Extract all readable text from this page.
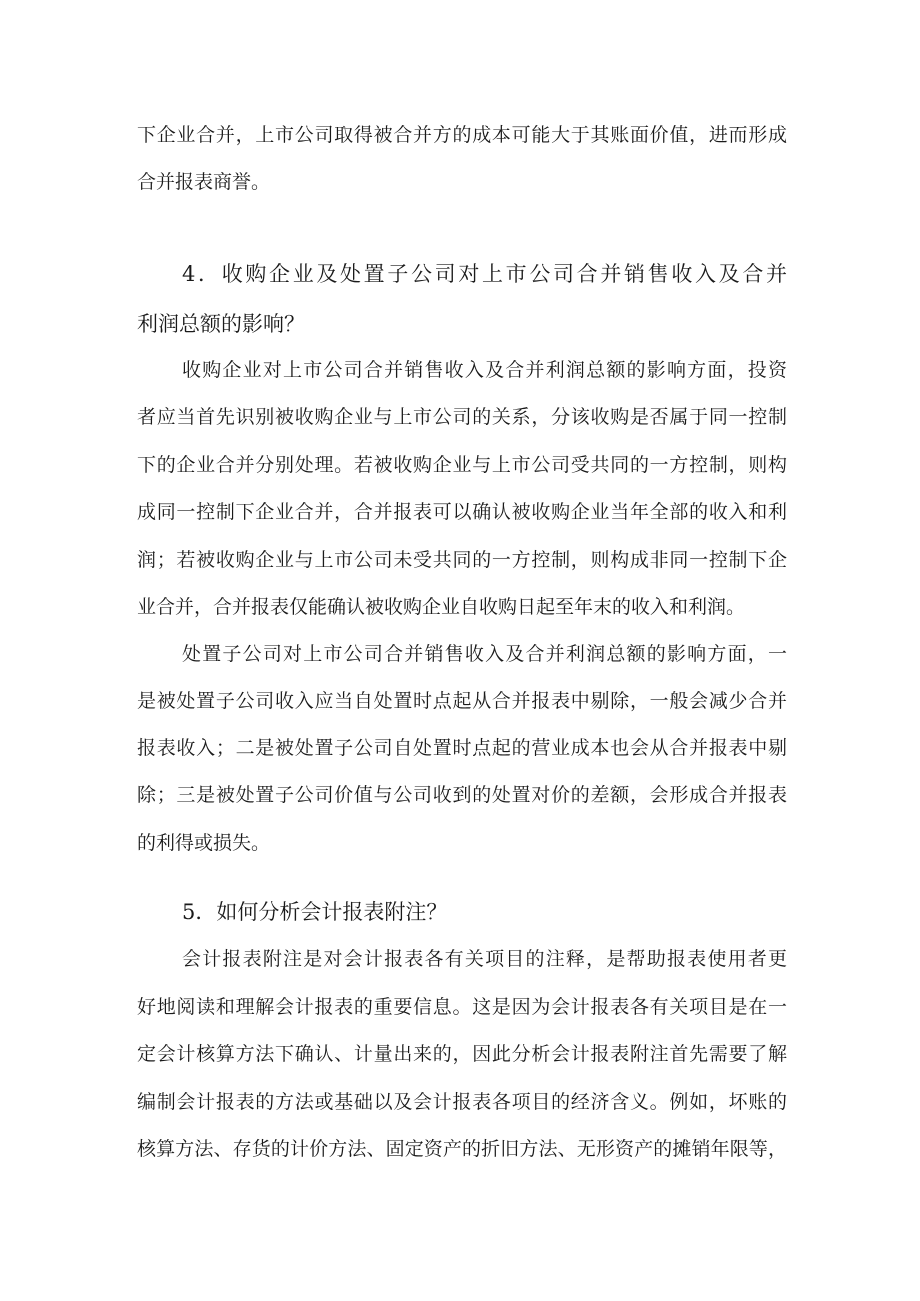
下企业合并，上市公司取得被合并方的成本可能大于其账面价值，进而形成
合并报表商誉。
4．收购企业及处置子公司对上市公司合并销售收入及合并
利润总额的影响？
收购企业对上市公司合并销售收入及合并利润总额的影响方面，投资
者应当首先识别被收购企业与上市公司的关系，分该收购是否属于同一控制
下的企业合并分别处理。若被收购企业与上市公司受共同的一方控制，则构
成同一控制下企业合并，合并报表可以确认被收购企业当年全部的收入和利
润；若被收购企业与上市公司未受共同的一方控制，则构成非同一控制下企
业合并，合并报表仅能确认被收购企业自收购日起至年末的收入和利润。
处置子公司对上市公司合并销售收入及合并利润总额的影响方面，一
是被处置子公司收入应当自处置时点起从合并报表中剔除，一般会减少合并
报表收入；二是被处置子公司自处置时点起的营业成本也会从合并报表中剔
除；三是被处置子公司价值与公司收到的处置对价的差额，会形成合并报表
的利得或损失。
5．如何分析会计报表附注？
会计报表附注是对会计报表各有关项目的注释，是帮助报表使用者更
好地阅读和理解会计报表的重要信息。这是因为会计报表各有关项目是在一
定会计核算方法下确认、计量出来的，因此分析会计报表附注首先需要了解
编制会计报表的方法或基础以及会计报表各项目的经济含义。例如，坏账的
核算方法、存货的计价方法、固定资产的折旧方法、无形资产的摊销年限等，
